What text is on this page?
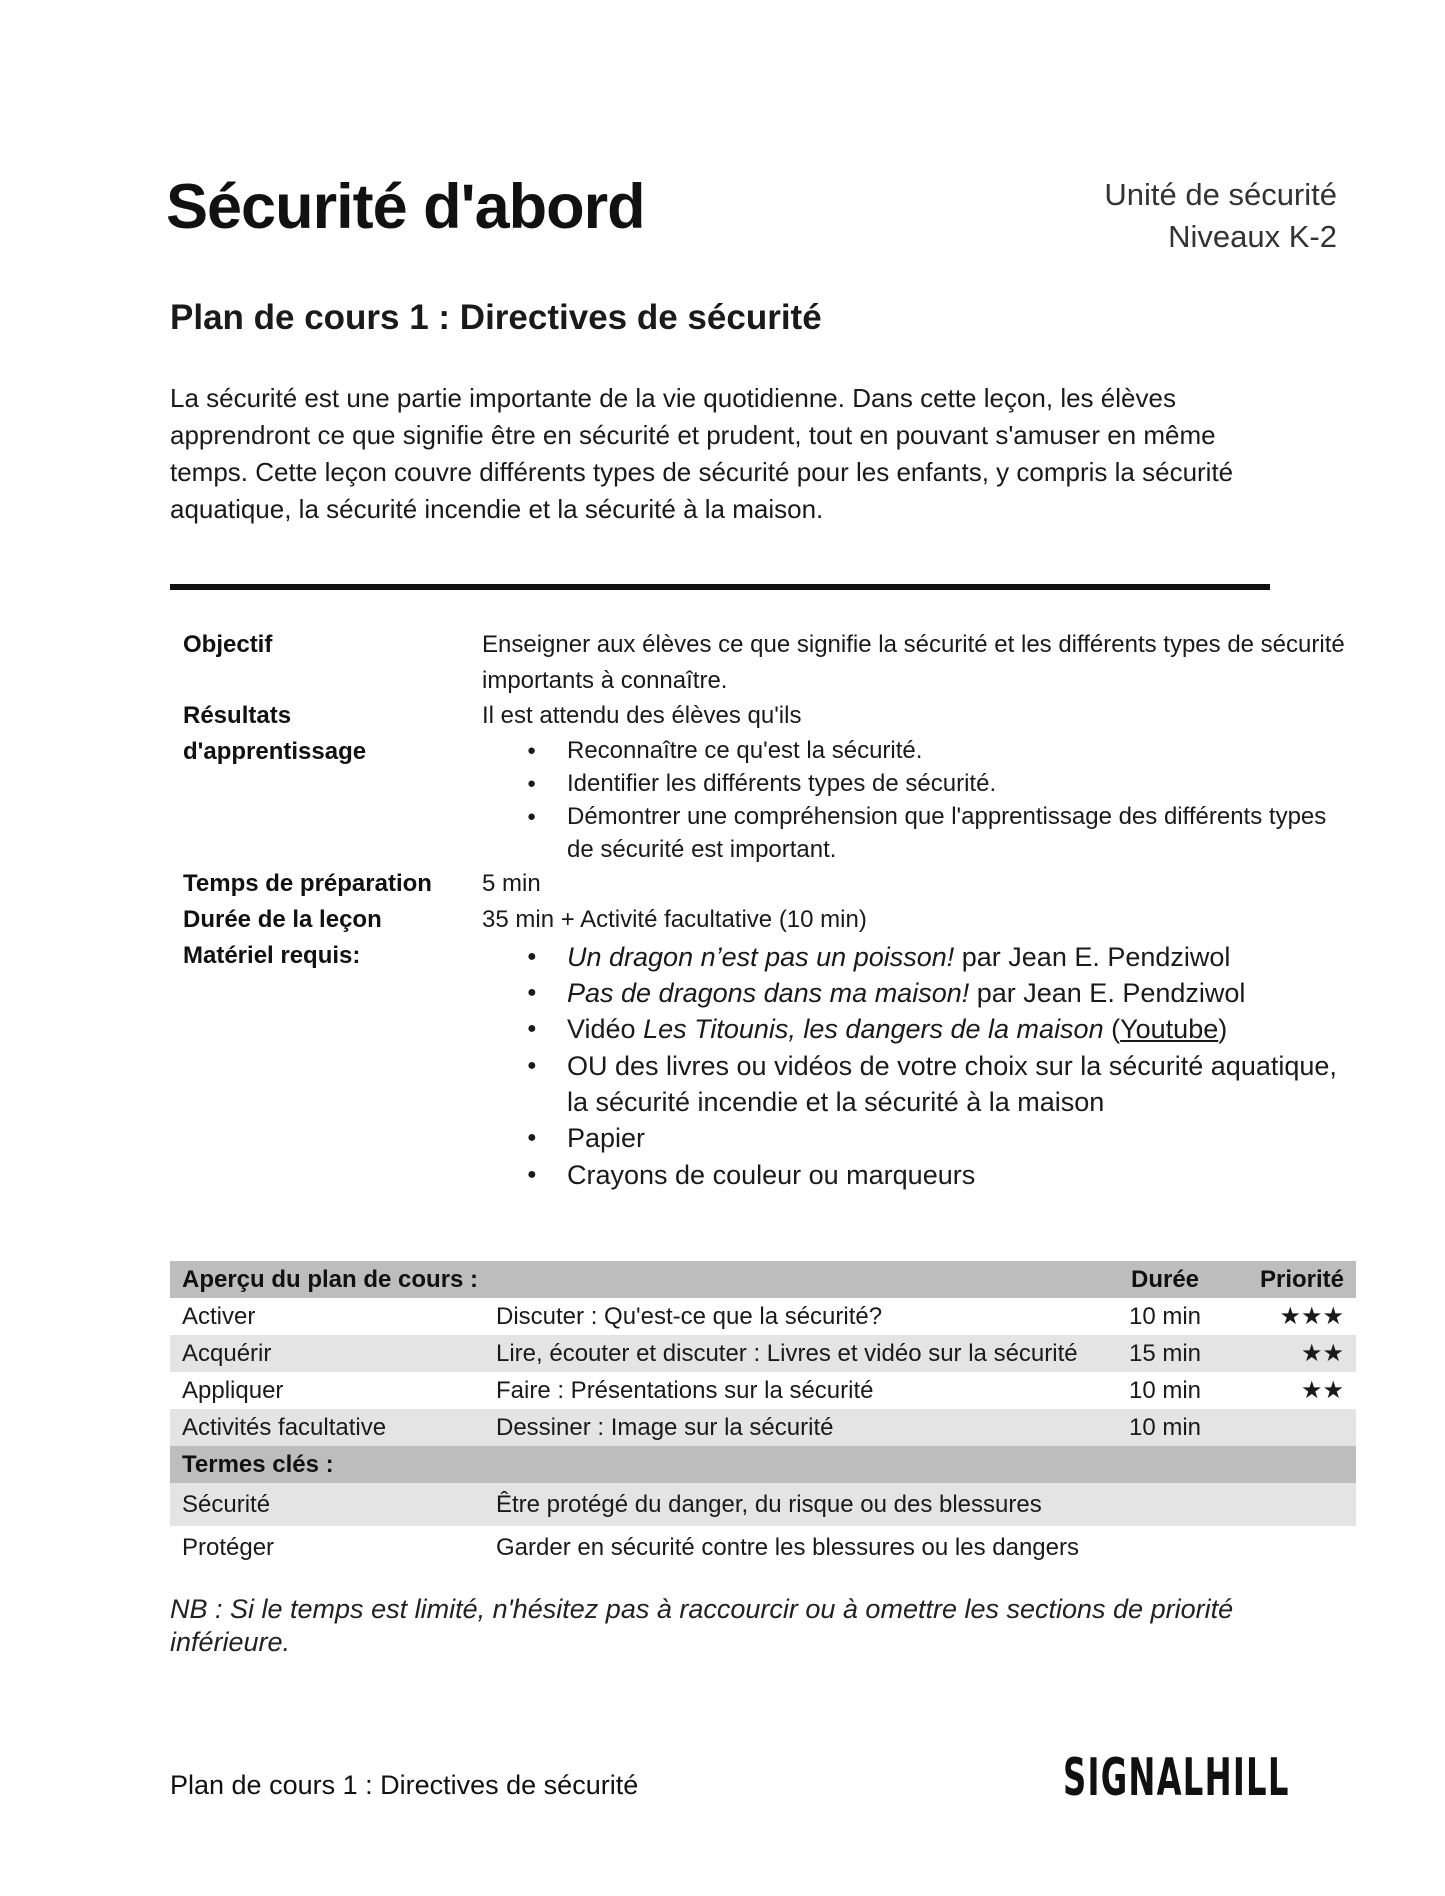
Sécurité d'abord	Unité de sécurité
Niveaux K-2
Plan de cours 1 : Directives de sécurité

La sécurité est une partie importante de la vie quotidienne. Dans cette leçon, les élèves apprendront ce que signifie être en sécurité et prudent, tout en pouvant s'amuser en même temps. Cette leçon couvre différents types de sécurité pour les enfants, y compris la sécurité aquatique, la sécurité incendie et la sécurité à la maison.

Objectif	Enseigner aux élèves ce que signifie la sécurité et les différents types de sécurité importants à connaître.
Résultats
d'apprentissage
Il est attendu des élèves qu'ils
● Reconnaître ce qu'est la sécurité.
● Identifier les différents types de sécurité.
● Démontrer une compréhension que l'apprentissage des différents types de sécurité est important.
Temps de préparation 5 min
Durée de la leçon	35 min + Activité facultative (10 min)
Matériel requis:	● Un dragon n’est pas un poisson! par Jean E. Pendziwol
● Pas de dragons dans ma maison! par Jean E. Pendziwol
● Vidéo Les Titounis, les dangers de la maison (Youtube)
● OU des livres ou vidéos de votre choix sur la sécurité aquatique, la sécurité incendie et la sécurité à la maison
● Papier
● Crayons de couleur ou marqueurs
Aperçu du plan de cours :		Durée	Priorité
Activer	Discuter : Qu'est-ce que la sécurité?	10 min	★★★
Acquérir	Lire, écouter et discuter : Livres et vidéo sur la sécurité	15 min	★★
Appliquer	Faire : Présentations sur la sécurité	10 min	★★
Activités facultative	Dessiner : Image sur la sécurité	10 min	
Termes clés :			
Sécurité	Être protégé du danger, du risque ou des blessures		
Protéger	Garder en sécurité contre les blessures ou les dangers		

NB : Si le temps est limité, n'hésitez pas à raccourcir ou à omettre les sections de priorité inférieure.

Plan de cours 1 : Directives de sécurité	SIGNALHILL
